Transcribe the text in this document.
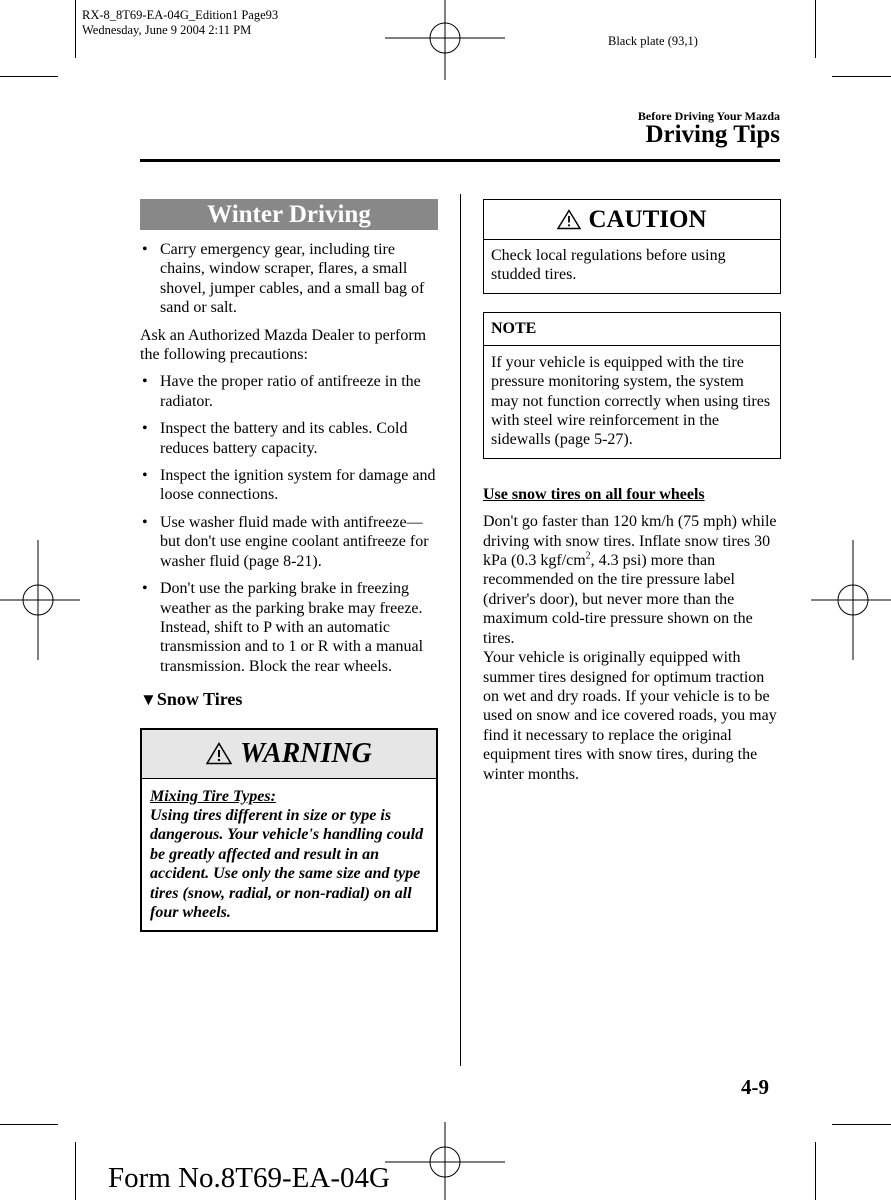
RX-8_8T69-EA-04G_Edition1 Page93
Wednesday, June 9 2004 2:11 PM
Black plate (93,1)
Before Driving Your Mazda
Driving Tips
Winter Driving
• Carry emergency gear, including tire chains, window scraper, flares, a small shovel, jumper cables, and a small bag of sand or salt.

Ask an Authorized Mazda Dealer to perform the following precautions:

• Have the proper ratio of antifreeze in the radiator.
• Inspect the battery and its cables. Cold reduces battery capacity.
• Inspect the ignition system for damage and loose connections.
• Use washer fluid made with antifreeze—but don't use engine coolant antifreeze for washer fluid (page 8-21).
• Don't use the parking brake in freezing weather as the parking brake may freeze. Instead, shift to P with an automatic transmission and to 1 or R with a manual transmission. Block the rear wheels.
▼Snow Tires
WARNING
Mixing Tire Types:
Using tires different in size or type is dangerous. Your vehicle's handling could be greatly affected and result in an accident. Use only the same size and type tires (snow, radial, or non-radial) on all four wheels.
CAUTION
Check local regulations before using studded tires.
NOTE
If your vehicle is equipped with the tire pressure monitoring system, the system may not function correctly when using tires with steel wire reinforcement in the sidewalls (page 5-27).
Use snow tires on all four wheels

Don't go faster than 120 km/h (75 mph) while driving with snow tires. Inflate snow tires 30 kPa (0.3 kgf/$cm^2$, 4.3 psi) more than recommended on the tire pressure label (driver's door), but never more than the maximum cold-tire pressure shown on the tires.

Your vehicle is originally equipped with summer tires designed for optimum traction on wet and dry roads. If your vehicle is to be used on snow and ice covered roads, you may find it necessary to replace the original equipment tires with snow tires, during the winter months.

4-9
Form No.8T69-EA-04G
